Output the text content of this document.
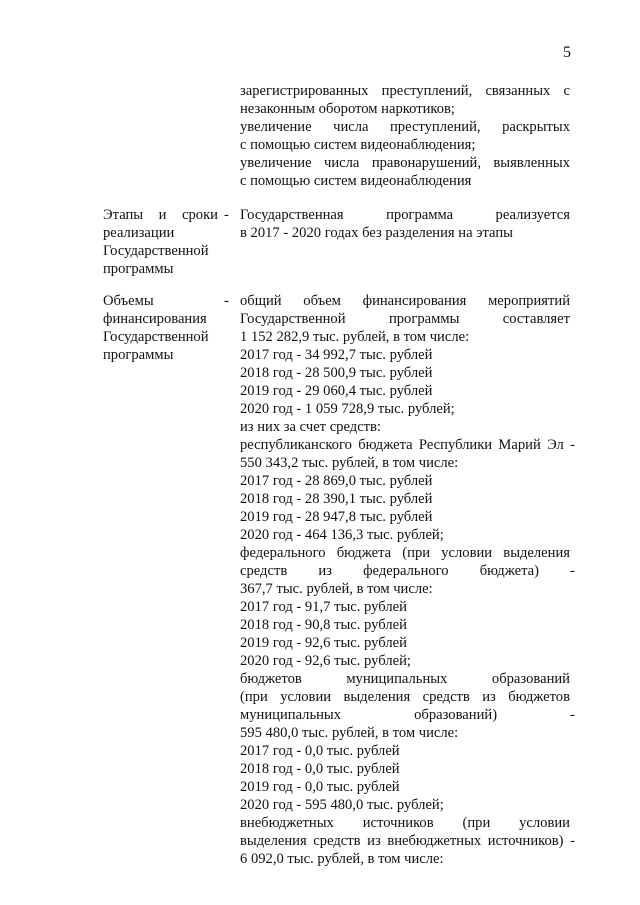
5
зарегистрированных преступлений, связанных с
незаконным оборотом наркотиков;
увеличение числа преступлений, раскрытых
с помощью систем видеонаблюдения;
увеличение числа правонарушений, выявленных
с помощью систем видеонаблюдения
Этапы и сроки
реализации
Государственной
программы
- Государственная программа реализуется
в 2017 - 2020 годах без разделения на этапы
Объемы
финансирования
Государственной
программы
- общий объем финансирования мероприятий
Государственной программы составляет
1 152 282,9 тыс. рублей, в том числе:
2017 год - 34 992,7 тыс. рублей
2018 год - 28 500,9 тыс. рублей
2019 год - 29 060,4 тыс. рублей
2020 год - 1 059 728,9 тыс. рублей;
из них за счет средств:
республиканского бюджета Республики Марий Эл -
550 343,2 тыс. рублей, в том числе:
2017 год - 28 869,0 тыс. рублей
2018 год - 28 390,1 тыс. рублей
2019 год - 28 947,8 тыс. рублей
2020 год - 464 136,3 тыс. рублей;
федерального бюджета (при условии выделения
средств из федерального бюджета) -
367,7 тыс. рублей, в том числе:
2017 год - 91,7 тыс. рублей
2018 год - 90,8 тыс. рублей
2019 год - 92,6 тыс. рублей
2020 год - 92,6 тыс. рублей;
бюджетов муниципальных образований
(при условии выделения средств из бюджетов
муниципальных образований) -
595 480,0 тыс. рублей, в том числе:
2017 год - 0,0 тыс. рублей
2018 год - 0,0 тыс. рублей
2019 год - 0,0 тыс. рублей
2020 год - 595 480,0 тыс. рублей;
внебюджетных источников (при условии
выделения средств из внебюджетных источников) -
6 092,0 тыс. рублей, в том числе:
